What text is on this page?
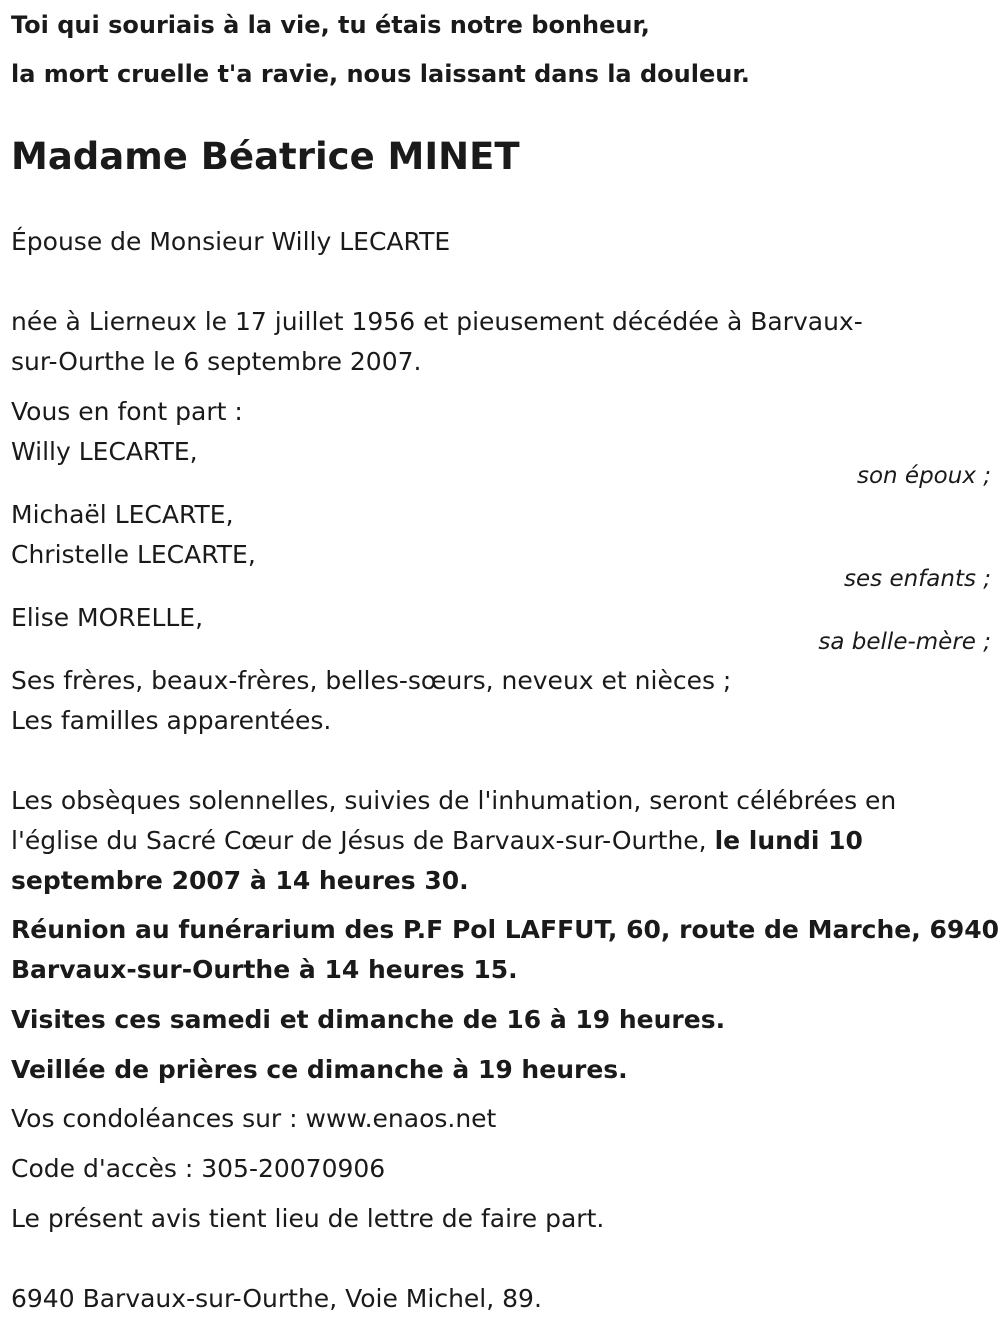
Toi qui souriais à la vie, tu étais notre bonheur,
la mort cruelle t'a ravie, nous laissant dans la douleur.
Madame Béatrice MINET
Épouse de Monsieur Willy LECARTE
née à Lierneux le 17 juillet 1956 et pieusement décédée à Barvaux-
sur-Ourthe le 6 septembre 2007.
Vous en font part :
Willy LECARTE,
son époux ;
Michaël LECARTE,
Christelle LECARTE,
ses enfants ;
Elise MORELLE,
sa belle-mère ;
Ses frères, beaux-frères, belles-sœurs, neveux et nièces ;
Les familles apparentées.
Les obsèques solennelles, suivies de l'inhumation, seront célébrées en
l'église du Sacré Cœur de Jésus de Barvaux-sur-Ourthe, le lundi 10
septembre 2007 à 14 heures 30.
Réunion au funérarium des P.F Pol LAFFUT, 60, route de Marche, 6940
Barvaux-sur-Ourthe à 14 heures 15.
Visites ces samedi et dimanche de 16 à 19 heures.
Veillée de prières ce dimanche à 19 heures.
Vos condoléances sur : www.enaos.net
Code d'accès : 305-20070906
Le présent avis tient lieu de lettre de faire part.
6940 Barvaux-sur-Ourthe, Voie Michel, 89.
